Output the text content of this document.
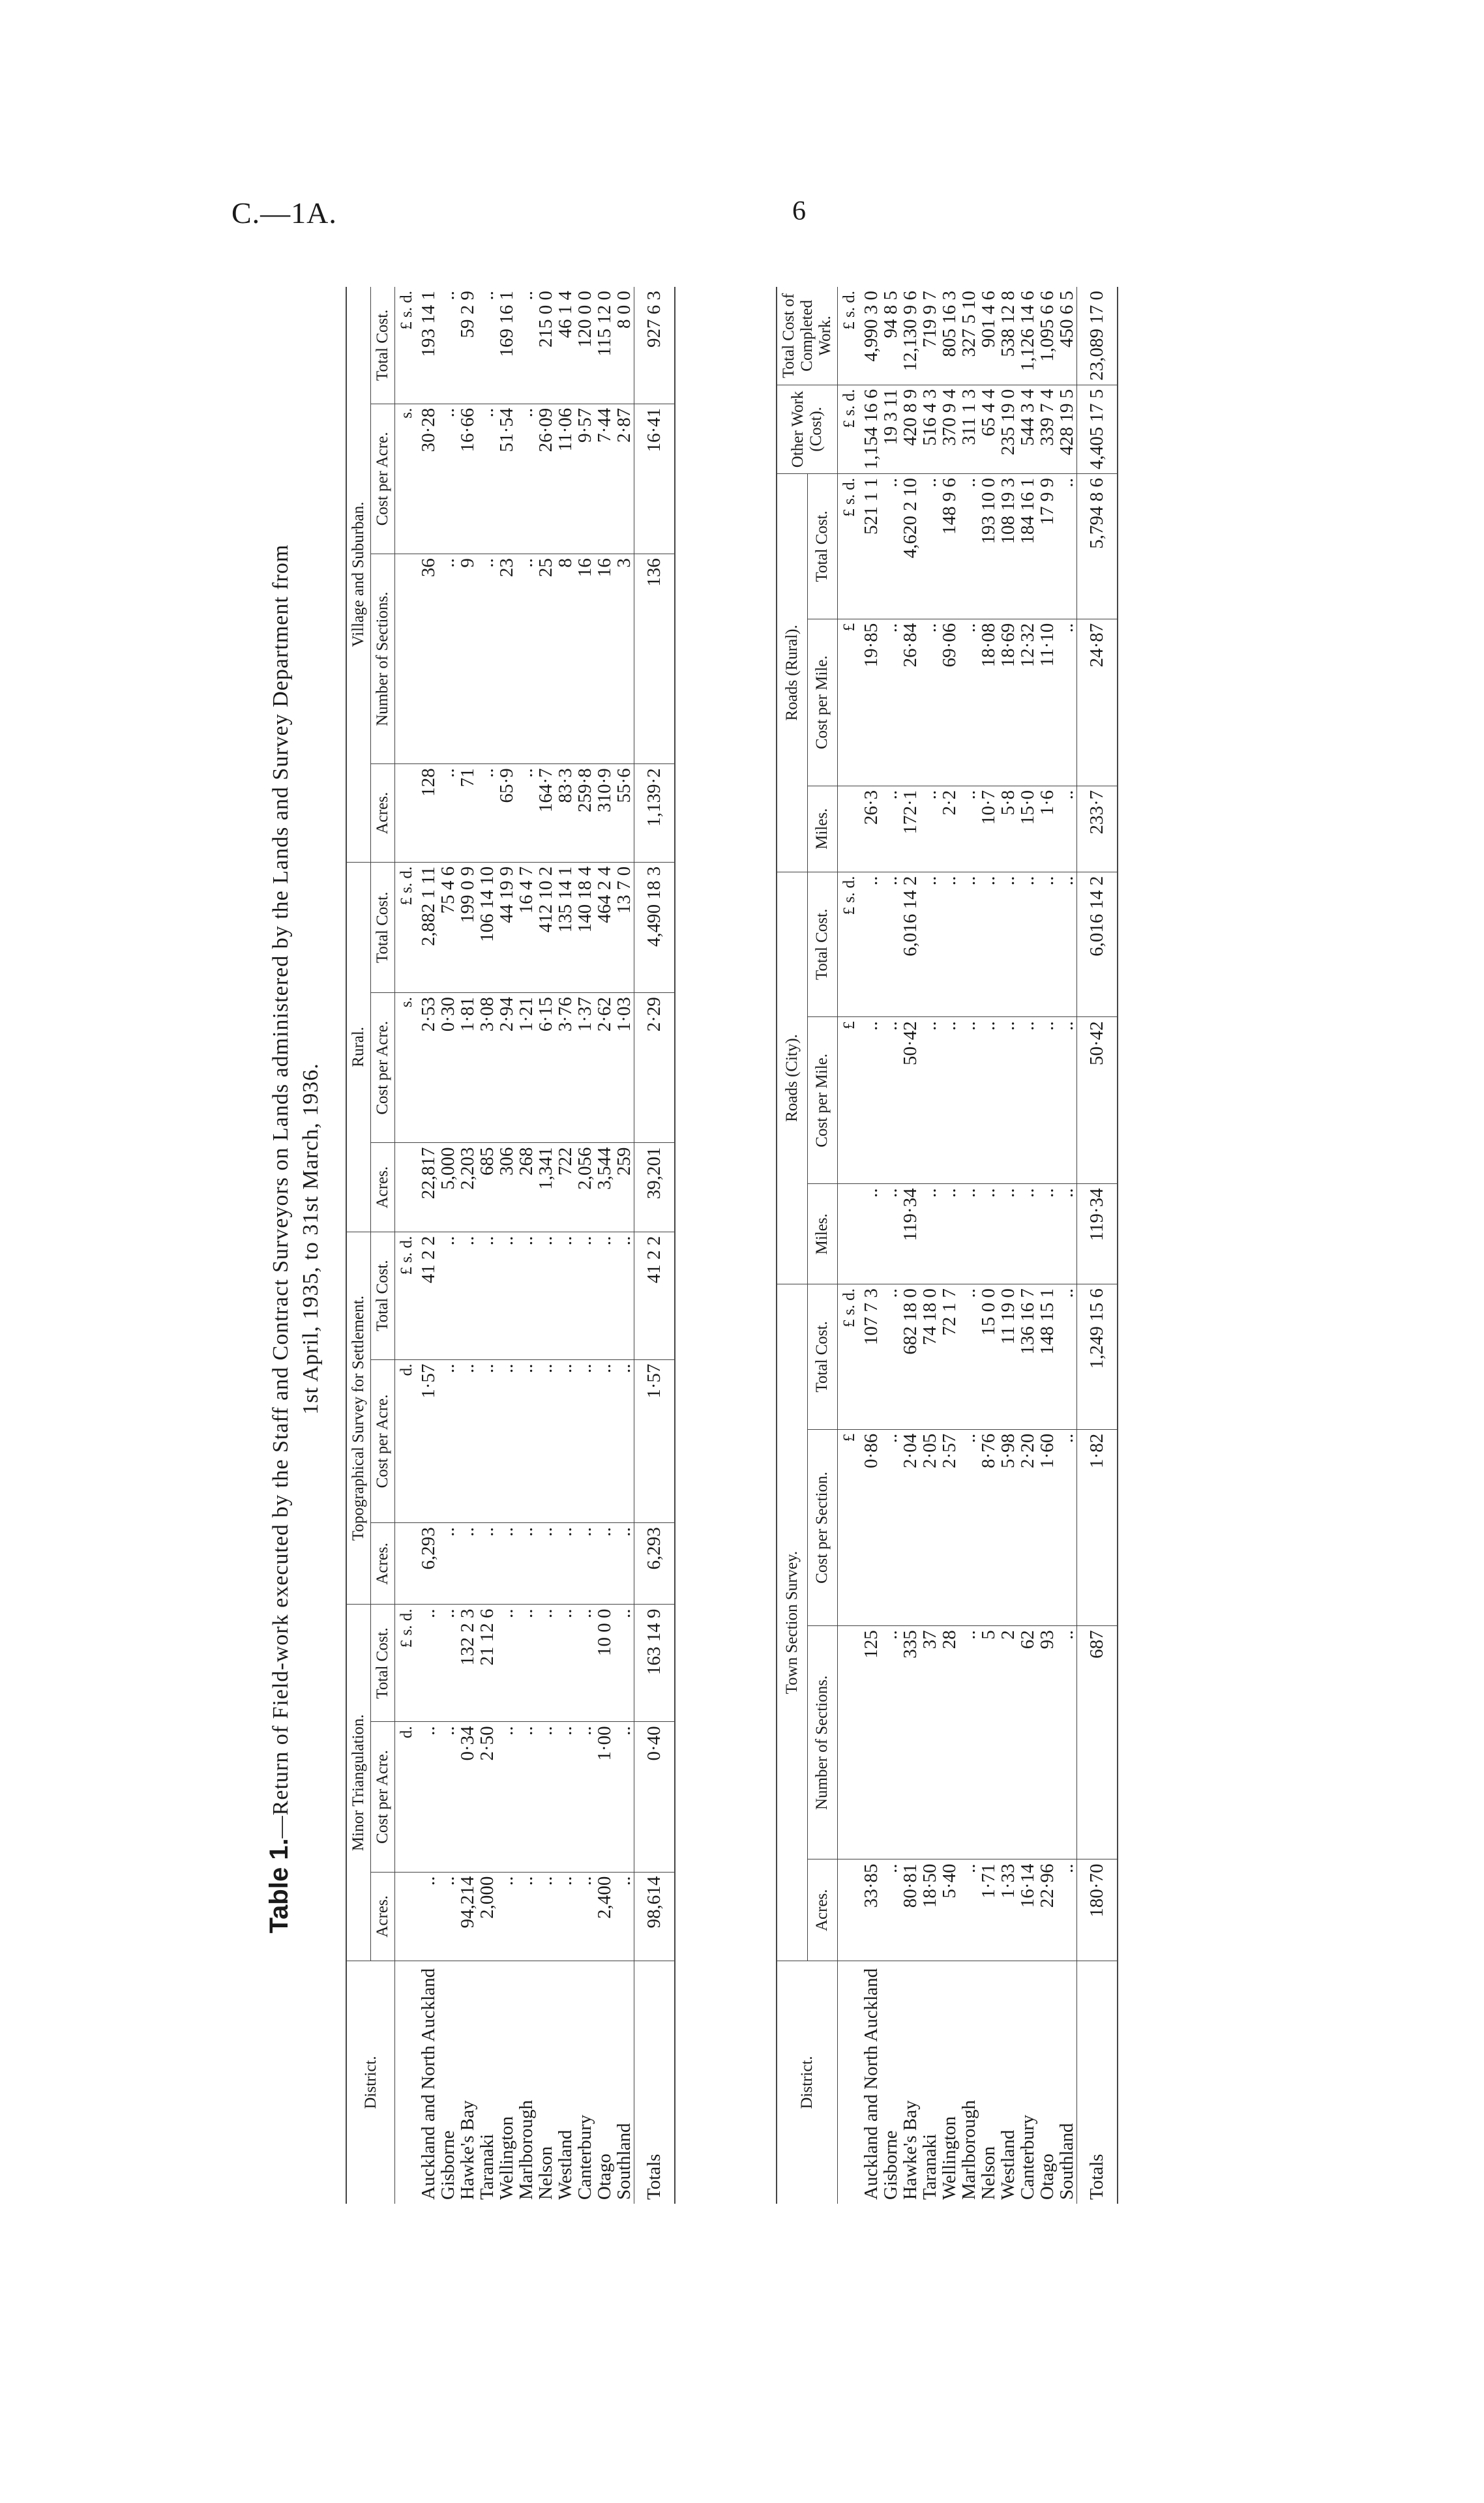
C.—1A.	6
Table 1.—Return of Field-work executed by the Staff and Contract Surveyors on Lands administered by the Lands and Survey Department from 1st April, 1935, to 31st March, 1936.
District.	Minor Triangulation.			Topographical Survey for Settlement.			Rural.			Village and Suburban.			
	Acres.	Cost per Acre.	Total Cost.	Acres.	Cost per Acre.	Total Cost.	Acres.	Cost per Acre.	Total Cost.	Acres.	Number of Sections.	Cost per Acre.	Total Cost.
		d.	£ s. d.		d.	£ s. d.		s.	£ s. d.			s.	£ s. d.
Auckland and North Auckland	..	..	..	6,293	1·57	41 2 2	22,817	2·53	2,882 1 11	128	36	30·28	193 14 1
Gisborne	..	..	..	..	..	..	5,000	0·30	75 4 6	..	..	..	..
Hawke's Bay	94,214	0·34	132 2 3	..	..	..	2,203	1·81	199 0 9	71	9	16·66	59 2 9
Taranaki	2,000	2·50	21 12 6	..	..	..	685	3·08	106 14 10	..	..	..	..
Wellington	..	..	..	..	..	..	306	2·94	44 19 9	65·9	23	51·54	169 16 1
Marlborough	..	..	..	..	..	..	268	1·21	16 4 7	..	..	..	..
Nelson	..	..	..	..	..	..	1,341	6·15	412 10 2	164·7	25	26·09	215 0 0
Westland	..	..	..	..	..	..	722	3·76	135 14 1	83·3	8	11·06	46 1 4
Canterbury	..	..	..	..	..	..	2,056	1·37	140 18 4	259·8	16	9·57	120 0 0
Otago	2,400	1·00	10 0 0	..	..	..	3,544	2·62	464 2 4	310·9	16	7·44	115 12 0
Southland	..	..	..	..	..	..	259	1·03	13 7 0	55·6	3	2·87	8 0 0
Totals	98,614	0·40	163 14 9	6,293	1·57	41 2 2	39,201	2·29	4,490 18 3	1,139·2	136	16·41	927 6 3
District.	Town Section Survey.				Roads (City).			Roads (Rural).			Other Work (Cost).	Total Cost of Completed Work.
	Acres.	Number of Sections.	Cost per Section.	Total Cost.	Miles.	Cost per Mile.	Total Cost.	Miles.	Cost per Mile.	Total Cost.		
			£	£ s. d.		£	£ s. d.		£	£ s. d.	£ s. d.	£ s. d.
Auckland and North Auckland	33·85	125	0·86	107 7 3	..	..	..	26·3	19·85	521 1 1	1,154 16 6	4,990 3 0
Gisborne	..	..	..	..	..	..	..	..	..	..	19 3 11	94 8 5
Hawke's Bay	80·81	335	2·04	682 18 0	119·34	50·42	6,016 14 2	172·1	26·84	4,620 2 10	420 8 9	12,130 9 6
Taranaki	18·50	37	2·05	74 18 0	..	..	..	..	..	..	516 4 3	719 9 7
Wellington	5·40	28	2·57	72 1 7	..	..	..	2·2	69·06	148 9 6	370 9 4	805 16 3
Marlborough	..	..	..	..	..	..	..	..	..	..	311 1 3	327 5 10
Nelson	1·71	5	8·76	15 0 0	..	..	..	10·7	18·08	193 10 0	65 4 4	901 4 6
Westland	1·33	2	5·98	11 19 0	..	..	..	5·8	18·69	108 19 3	235 19 0	538 12 8
Canterbury	16·14	62	2·20	136 16 7	..	..	..	15·0	12·32	184 16 1	544 3 4	1,126 14 6
Otago	22·96	93	1·60	148 15 1	..	..	..	1·6	11·10	17 9 9	339 7 4	1,095 6 6
Southland	..	..	..	..	..	..	..	..	..	..	428 19 5	450 6 5
Totals	180·70	687	1·82	1,249 15 6	119·34	50·42	6,016 14 2	233·7	24·87	5,794 8 6	4,405 17 5	23,089 17 0
